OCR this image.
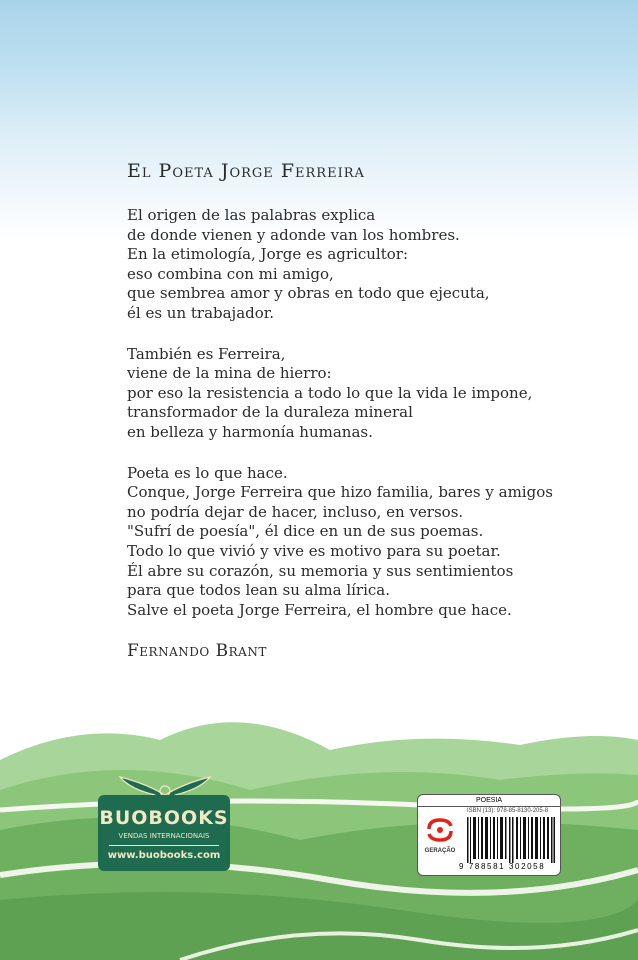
El Poeta Jorge Ferreira
El origen de las palabras explica
de donde vienen y adonde van los hombres.
En la etimología, Jorge es agricultor:
eso combina con mi amigo,
que sembrea amor y obras en todo que ejecuta,
él es un trabajador.
También es Ferreira,
viene de la mina de hierro:
por eso la resistencia a todo lo que la vida le impone,
transformador de la duraleza mineral
en belleza y harmonía humanas.
Poeta es lo que hace.
Conque, Jorge Ferreira que hizo familia, bares y amigos
no podría dejar de hacer, incluso, en versos.
"Sufrí de poesía", él dice en un de sus poemas.
Todo lo que vivió y vive es motivo para su poetar.
Él abre su corazón, su memoria y sus sentimientos
para que todos lean su alma lírica.
Salve el poeta Jorge Ferreira, el hombre que hace.
Fernando Brant
BUOBOOKS
VENDAS INTERNACIONAIS
www.buobooks.com
POESIA
GERAÇÃO
ISBN (13): 978-85-8130-205-8
9 788581 302058
